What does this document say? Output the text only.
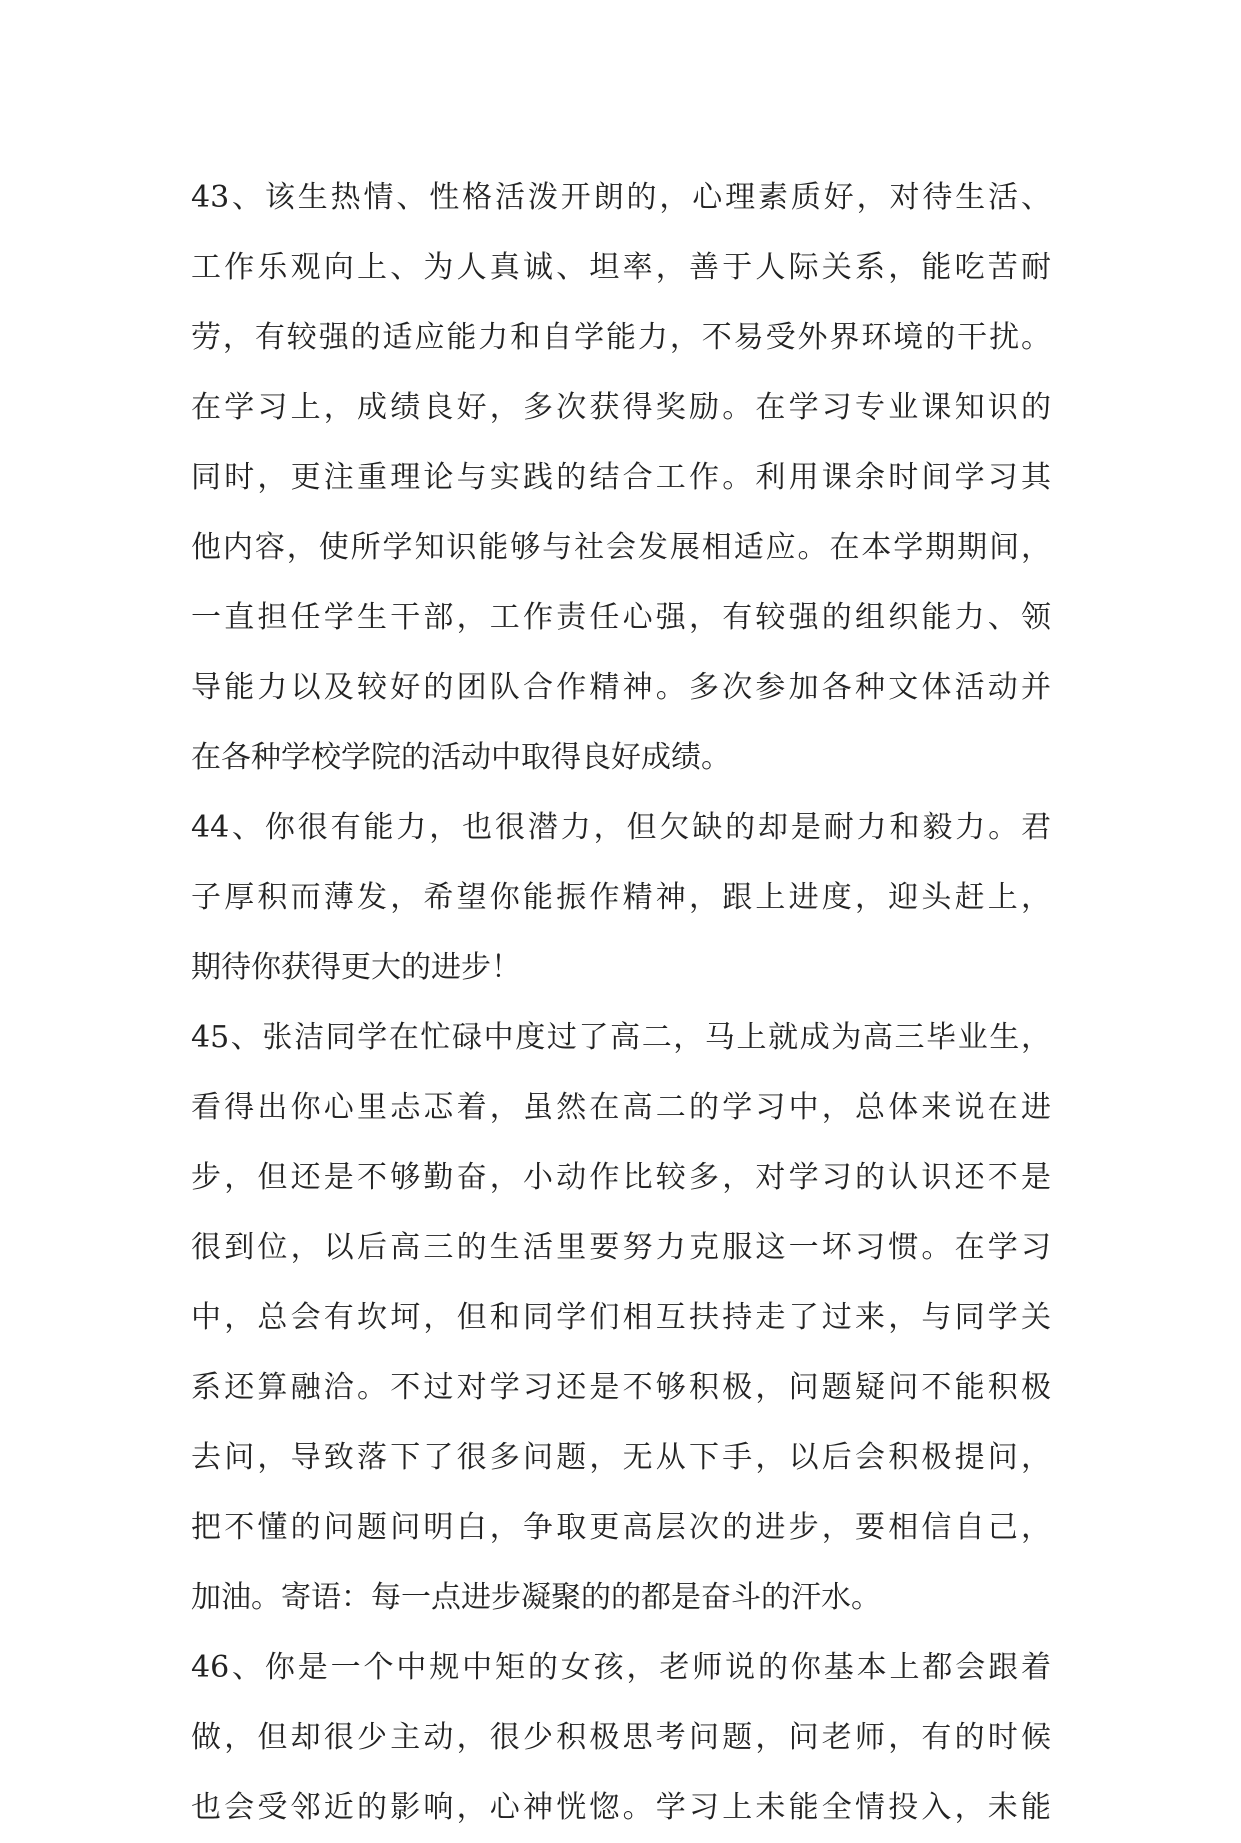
43、该生热情、性格活泼开朗的，心理素质好，对待生活、
工作乐观向上、为人真诚、坦率，善于人际关系，能吃苦耐
劳，有较强的适应能力和自学能力，不易受外界环境的干扰。
在学习上，成绩良好，多次获得奖励。在学习专业课知识的
同时，更注重理论与实践的结合工作。利用课余时间学习其
他内容，使所学知识能够与社会发展相适应。在本学期期间，
一直担任学生干部，工作责任心强，有较强的组织能力、领
导能力以及较好的团队合作精神。多次参加各种文体活动并
在各种学校学院的活动中取得良好成绩。
44、你很有能力，也很潜力，但欠缺的却是耐力和毅力。君
子厚积而薄发，希望你能振作精神，跟上进度，迎头赶上，
期待你获得更大的进步！
45、张洁同学在忙碌中度过了高二，马上就成为高三毕业生，
看得出你心里忐忑着，虽然在高二的学习中，总体来说在进
步，但还是不够勤奋，小动作比较多，对学习的认识还不是
很到位，以后高三的生活里要努力克服这一坏习惯。在学习
中，总会有坎坷，但和同学们相互扶持走了过来，与同学关
系还算融洽。不过对学习还是不够积极，问题疑问不能积极
去问，导致落下了很多问题，无从下手，以后会积极提问，
把不懂的问题问明白，争取更高层次的进步，要相信自己，
加油。寄语：每一点进步凝聚的的都是奋斗的汗水。
46、你是一个中规中矩的女孩，老师说的你基本上都会跟着
做，但却很少主动，很少积极思考问题，问老师，有的时候
也会受邻近的影响，心神恍惚。学习上未能全情投入，未能
